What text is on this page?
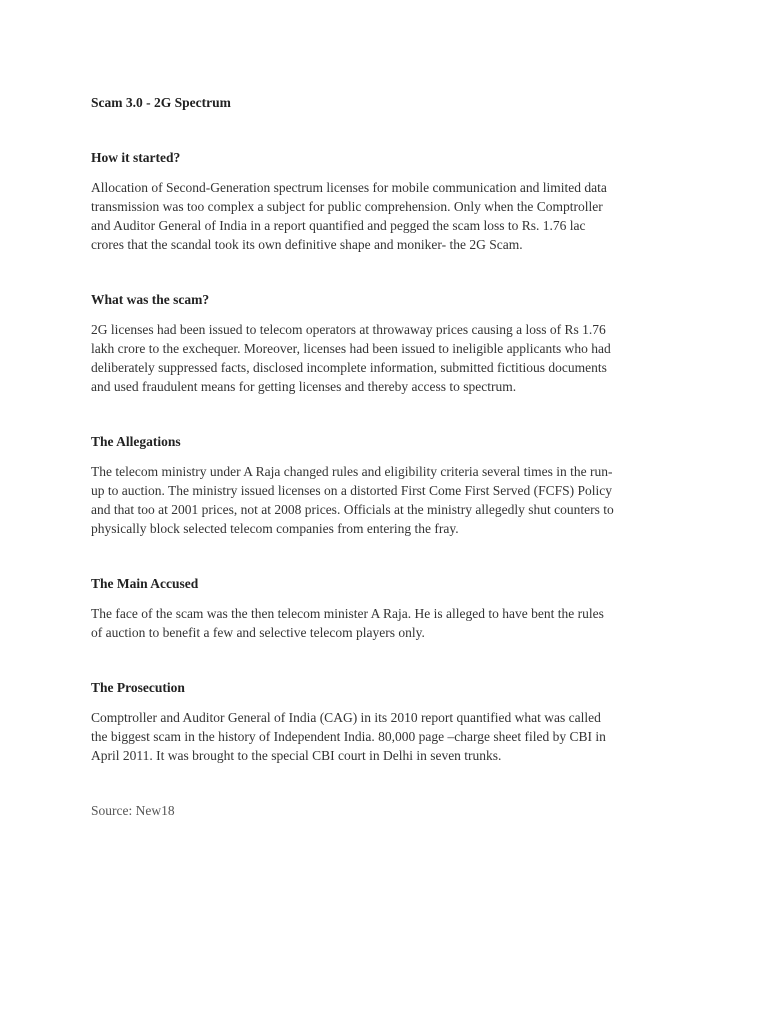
Scam 3.0 - 2G Spectrum
How it started?
Allocation of Second-Generation spectrum licenses for mobile communication and limited data
transmission was too complex a subject for public comprehension. Only when the Comptroller
and Auditor General of India in a report quantified and pegged the scam loss to Rs. 1.76 lac
crores that the scandal took its own definitive shape and moniker- the 2G Scam.
What was the scam?
2G licenses had been issued to telecom operators at throwaway prices causing a loss of Rs 1.76
lakh crore to the exchequer. Moreover, licenses had been issued to ineligible applicants who had
deliberately suppressed facts, disclosed incomplete information, submitted fictitious documents
and used fraudulent means for getting licenses and thereby access to spectrum.
The Allegations
The telecom ministry under A Raja changed rules and eligibility criteria several times in the run-
up to auction. The ministry issued licenses on a distorted First Come First Served (FCFS) Policy
and that too at 2001 prices, not at 2008 prices. Officials at the ministry allegedly shut counters to
physically block selected telecom companies from entering the fray.
The Main Accused
The face of the scam was the then telecom minister A Raja. He is alleged to have bent the rules
of auction to benefit a few and selective telecom players only.
The Prosecution
Comptroller and Auditor General of India (CAG) in its 2010 report quantified what was called
the biggest scam in the history of Independent India. 80,000 page –charge sheet filed by CBI in
April 2011. It was brought to the special CBI court in Delhi in seven trunks.
Source: New18
